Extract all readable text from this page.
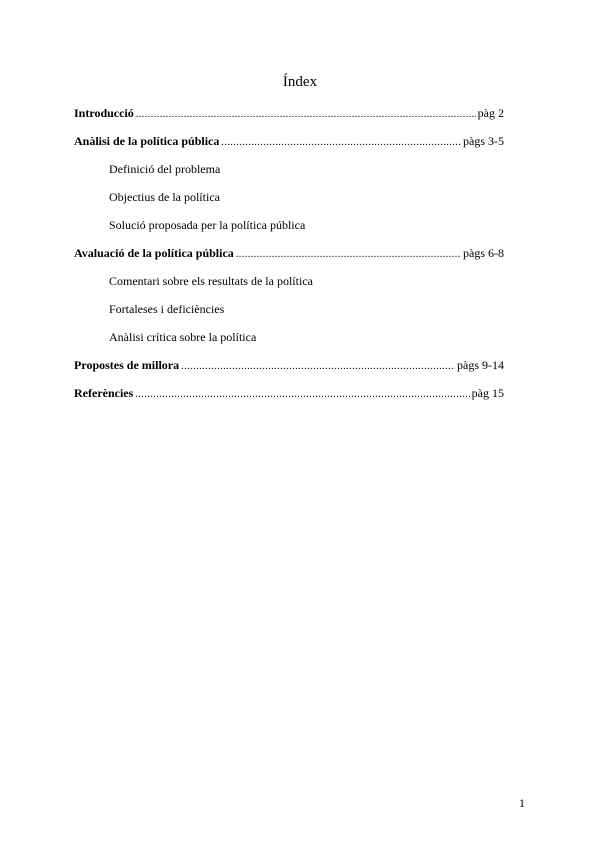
Índex
Introducció .....	pàg 2
Anàlisi de la política pública .....	pàgs 3-5
Definició del problema
Objectius de la política
Solució proposada per la política pública
Avaluació de la política pública .....	pàgs 6-8
Comentari sobre els resultats de la política
Fortaleses i deficiències
Anàlisi crítica sobre la política
Propostes de millora .....	pàgs 9-14
Referències .....	pàg 15
1
